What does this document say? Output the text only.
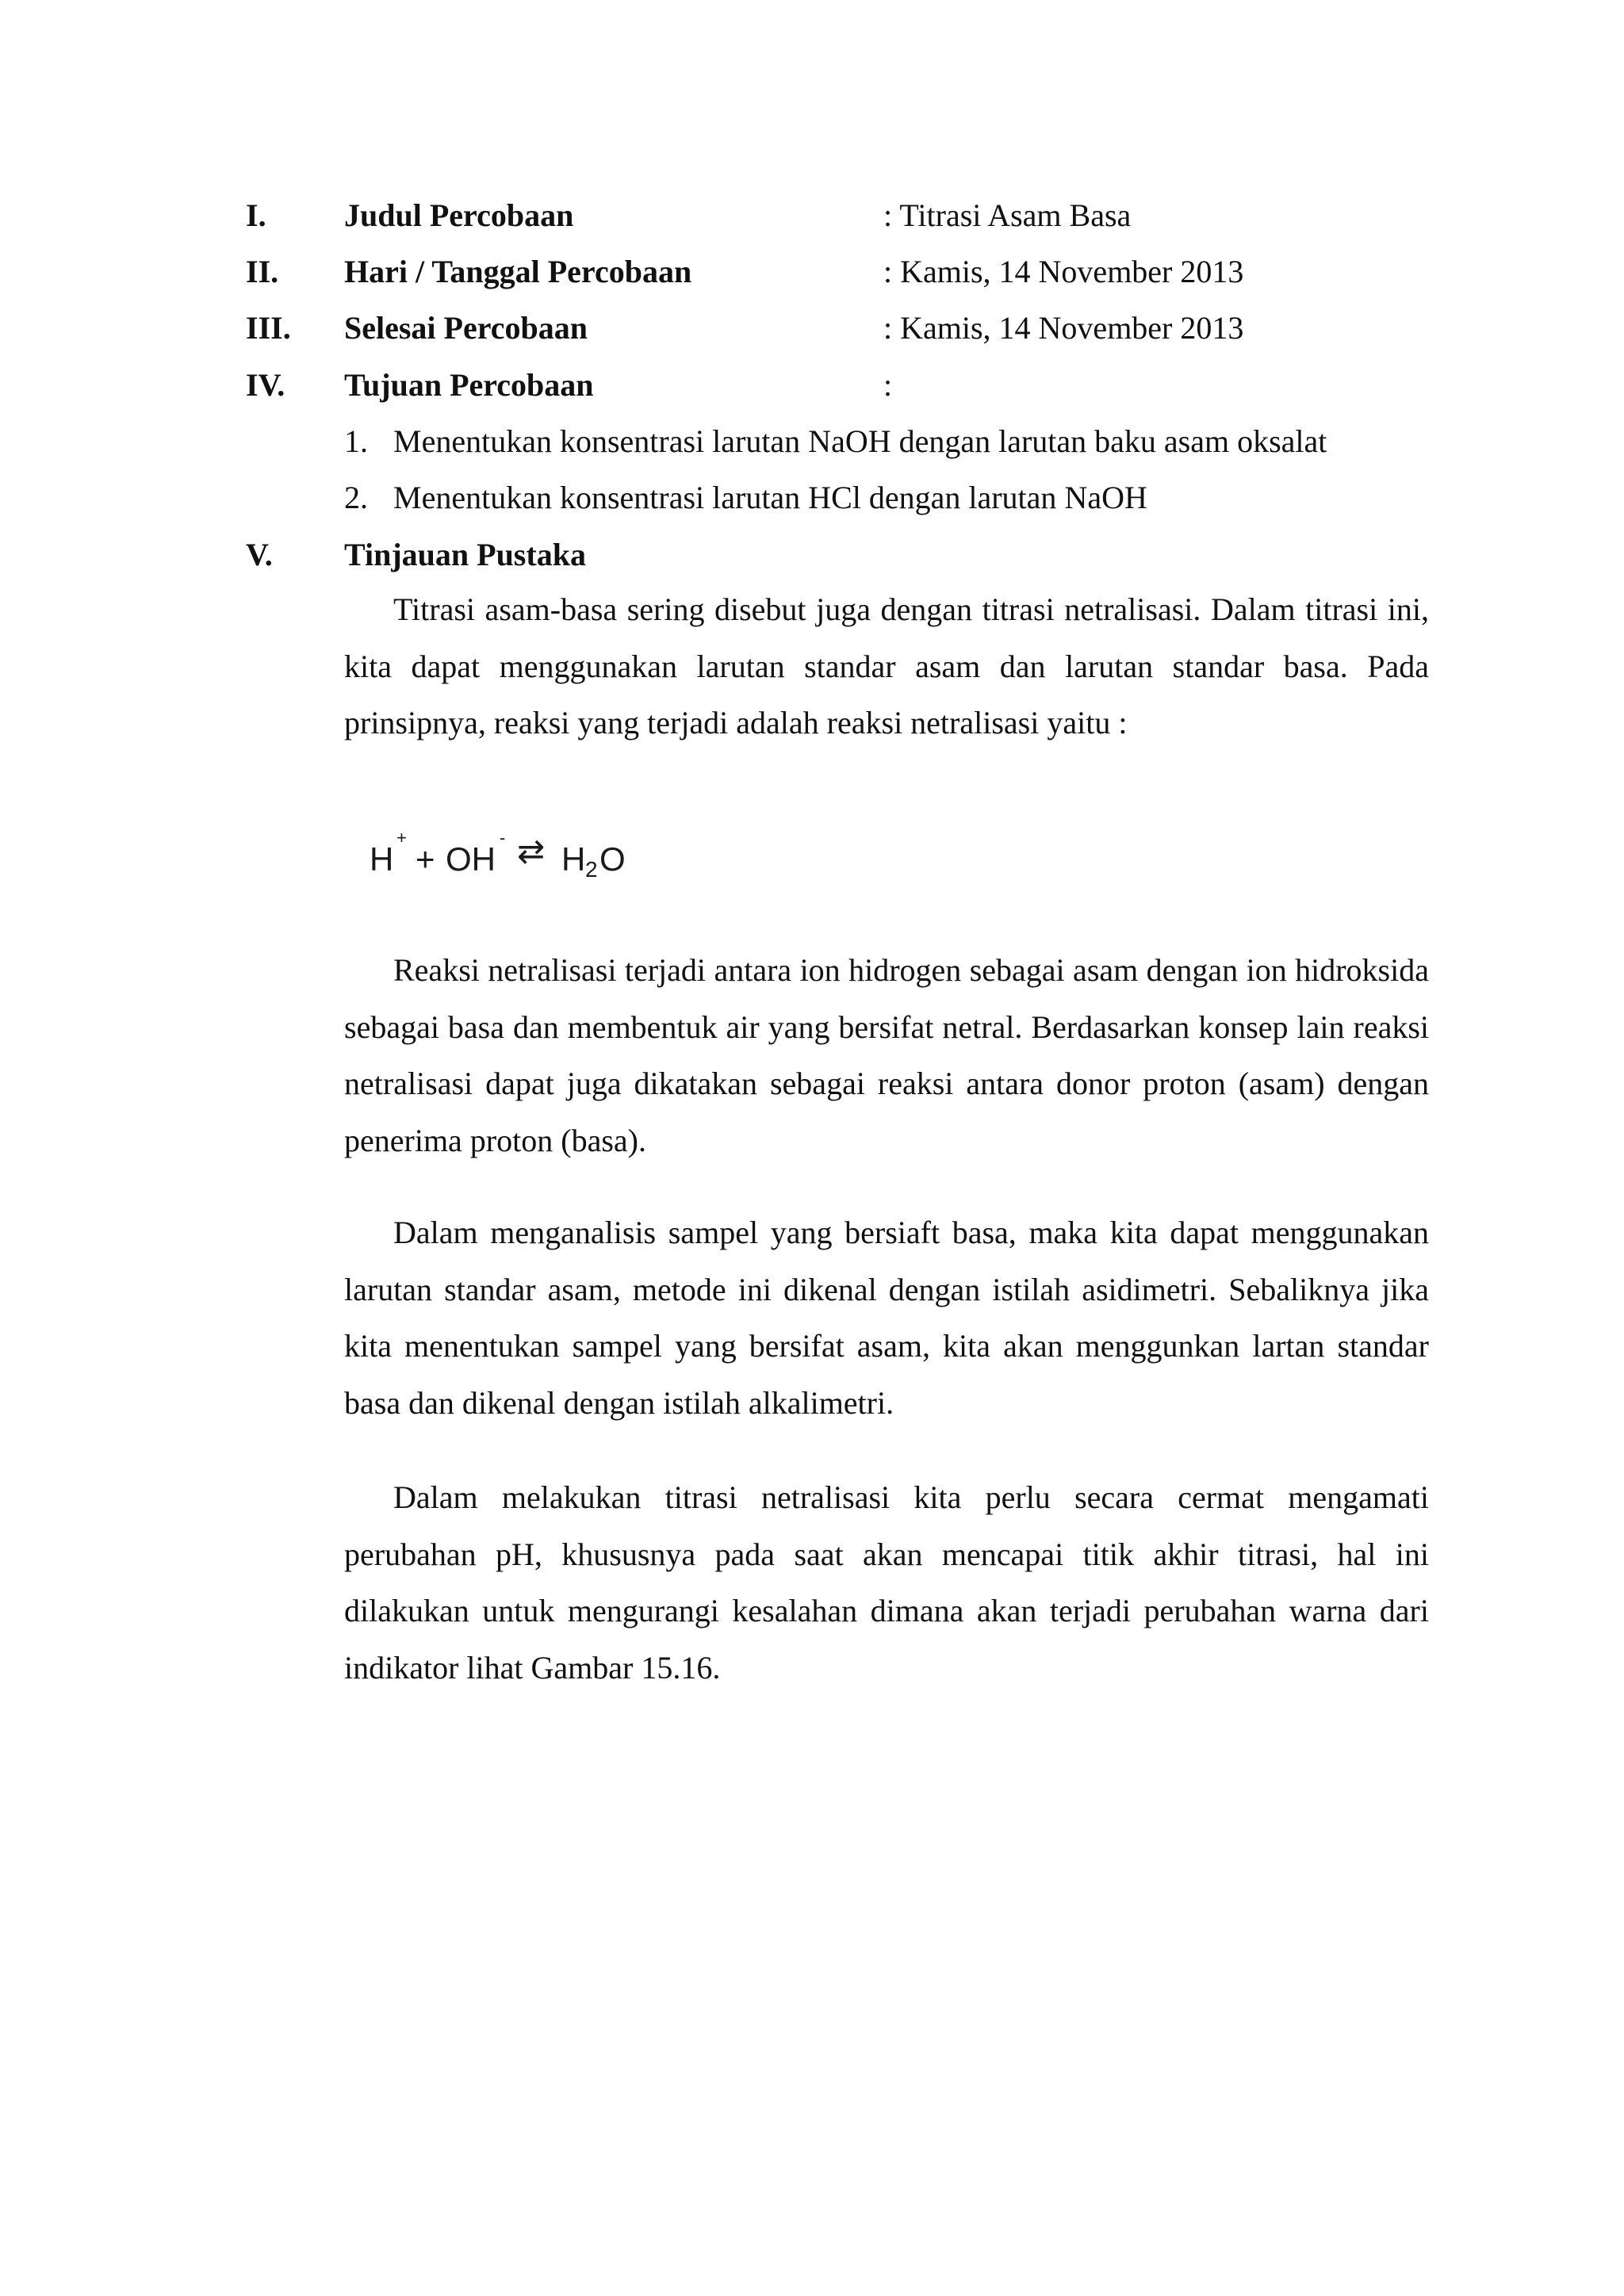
I. Judul Percobaan	: Titrasi Asam Basa
II. Hari / Tanggal Percobaan	: Kamis, 14 November 2013
III. Selesai Percobaan	: Kamis, 14 November 2013
IV. Tujuan Percobaan	:
1. Menentukan konsentrasi larutan NaOH dengan larutan baku asam oksalat
2. Menentukan konsentrasi larutan HCl dengan larutan NaOH
V. Tinjauan Pustaka

Titrasi asam-basa sering disebut juga dengan titrasi netralisasi. Dalam titrasi ini, kita dapat menggunakan larutan standar asam dan larutan standar basa. Pada prinsipnya, reaksi yang terjadi adalah reaksi netralisasi yaitu :

H
+
+ OH
- ⇄ H 2 O

Reaksi netralisasi terjadi antara ion hidrogen sebagai asam dengan ion hidroksida sebagai basa dan membentuk air yang bersifat netral. Berdasarkan konsep lain reaksi netralisasi dapat juga dikatakan sebagai reaksi antara donor proton (asam) dengan penerima proton (basa).

Dalam menganalisis sampel yang bersiaft basa, maka kita dapat menggunakan larutan standar asam, metode ini dikenal dengan istilah asidimetri. Sebaliknya jika kita menentukan sampel yang bersifat asam, kita akan menggunkan lartan standar basa dan dikenal dengan istilah alkalimetri.

Dalam melakukan titrasi netralisasi kita perlu secara cermat mengamati perubahan pH, khususnya pada saat akan mencapai titik akhir titrasi, hal ini dilakukan untuk mengurangi kesalahan dimana akan terjadi perubahan warna dari indikator lihat Gambar 15.16.
